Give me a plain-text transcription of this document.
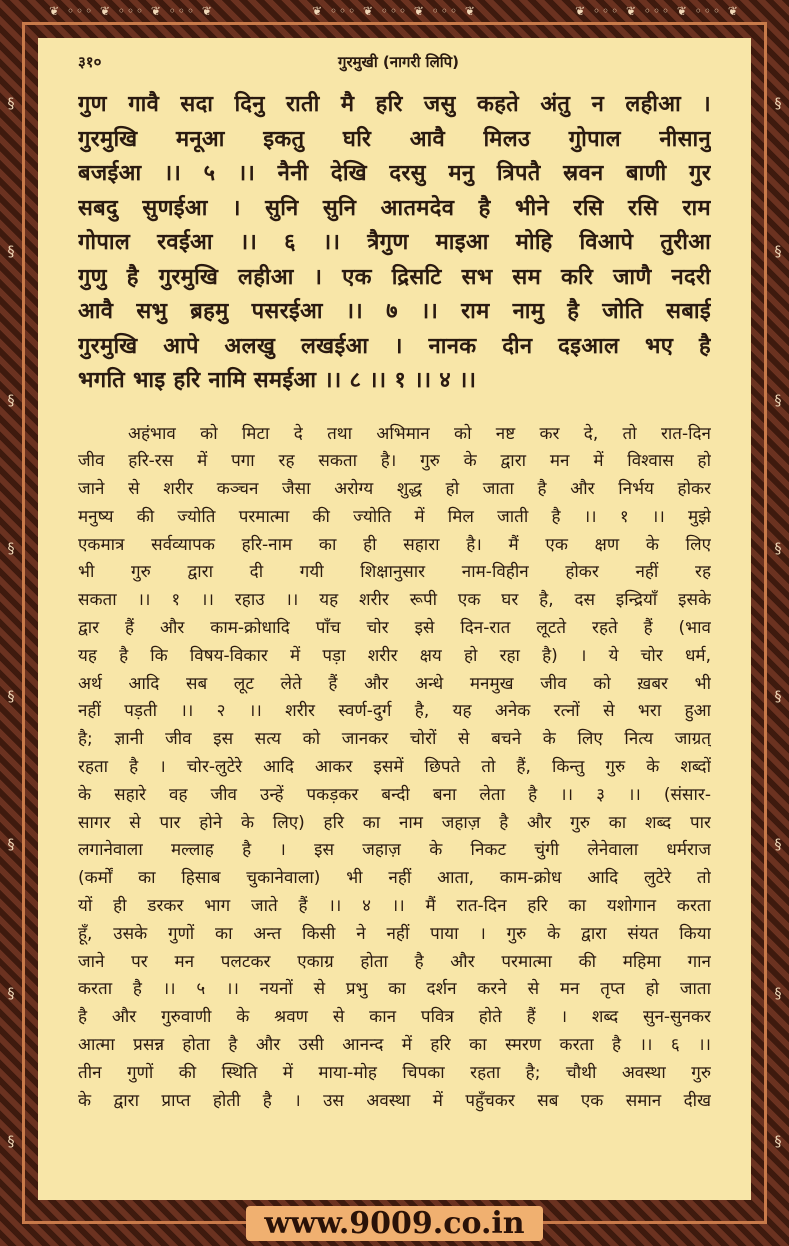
❦ ◦◦◦ ❦ ◦◦◦ ❦ ◦◦◦ ❦	❦ ◦◦◦ ❦ ◦◦◦ ❦ ◦◦◦ ❦	❦ ◦◦◦ ❦ ◦◦◦ ❦ ◦◦◦ ❦
§
§
§
§
§
§
§
§
§
§
§
§
§
§
§
§
३१०	गुरमुखी (नागरी लिपि)
गुण गावै सदा दिनु राती मै हरि जसु कहते अंतु न लहीआ ।
गुरमुखि मनूआ इकतु घरि आवै मिलउ गुोपाल नीसानु
बजईआ ।। ५ ।। नैनी देखि दरसु मनु त्रिपतै स्रवन बाणी गुर
सबदु सुणईआ । सुनि सुनि आतमदेव है भीने रसि रसि राम
गोपाल रवईआ ।। ६ ।। त्रैगुण माइआ मोहि विआपे तुरीआ
गुणु है गुरमुखि लहीआ । एक द्रिसटि सभ सम करि जाणै नदरी
आवै सभु ब्रहमु पसरईआ ।। ७ ।। राम नामु है जोति सबाई
गुरमुखि आपे अलखु लखईआ । नानक दीन दइआल भए है
भगति भाइ हरि नामि समईआ ।। ८ ।। १ ।। ४ ।।
अहंभाव को मिटा दे तथा अभिमान को नष्ट कर दे, तो रात-दिन
जीव हरि-रस में पगा रह सकता है। गुरु के द्वारा मन में विश्वास हो
जाने से शरीर कञ्चन जैसा अरोग्य शुद्ध हो जाता है और निर्भय होकर
मनुष्य की ज्योति परमात्मा की ज्योति में मिल जाती है ।। १ ।। मुझे
एकमात्र सर्वव्यापक हरि-नाम का ही सहारा है। मैं एक क्षण के लिए
भी गुरु द्वारा दी गयी शिक्षानुसार नाम-विहीन होकर नहीं रह
सकता ।। १ ।। रहाउ ।। यह शरीर रूपी एक घर है, दस इन्द्रियाँ इसके
द्वार हैं और काम-क्रोधादि पाँच चोर इसे दिन-रात लूटते रहते हैं (भाव
यह है कि विषय-विकार में पड़ा शरीर क्षय हो रहा है) । ये चोर धर्म,
अर्थ आदि सब लूट लेते हैं और अन्धे मनमुख जीव को ख़बर भी
नहीं पड़ती ।। २ ।। शरीर स्वर्ण-दुर्ग है, यह अनेक रत्नों से भरा हुआ
है; ज्ञानी जीव इस सत्य को जानकर चोरों से बचने के लिए नित्य जाग्रत्
रहता है । चोर-लुटेरे आदि आकर इसमें छिपते तो हैं, किन्तु गुरु के शब्दों
के सहारे वह जीव उन्हें पकड़कर बन्दी बना लेता है ।। ३ ।। (संसार-
सागर से पार होने के लिए) हरि का नाम जहाज़ है और गुरु का शब्द पार
लगानेवाला मल्लाह है । इस जहाज़ के निकट चुंगी लेनेवाला धर्मराज
(कर्मों का हिसाब चुकानेवाला) भी नहीं आता, काम-क्रोध आदि लुटेरे तो
यों ही डरकर भाग जाते हैं ।। ४ ।। मैं रात-दिन हरि का यशोगान करता
हूँ, उसके गुणों का अन्त किसी ने नहीं पाया । गुरु के द्वारा संयत किया
जाने पर मन पलटकर एकाग्र होता है और परमात्मा की महिमा गान
करता है ।। ५ ।। नयनों से प्रभु का दर्शन करने से मन तृप्त हो जाता
है और गुरुवाणी के श्रवण से कान पवित्र होते हैं । शब्द सुन-सुनकर
आत्मा प्रसन्न होता है और उसी आनन्द में हरि का स्मरण करता है ।। ६ ।।
तीन गुणों की स्थिति में माया-मोह चिपका रहता है; चौथी अवस्था गुरु
के द्वारा प्राप्त होती है । उस अवस्था में पहुँचकर सब एक समान दीख
www.9009.co.in
